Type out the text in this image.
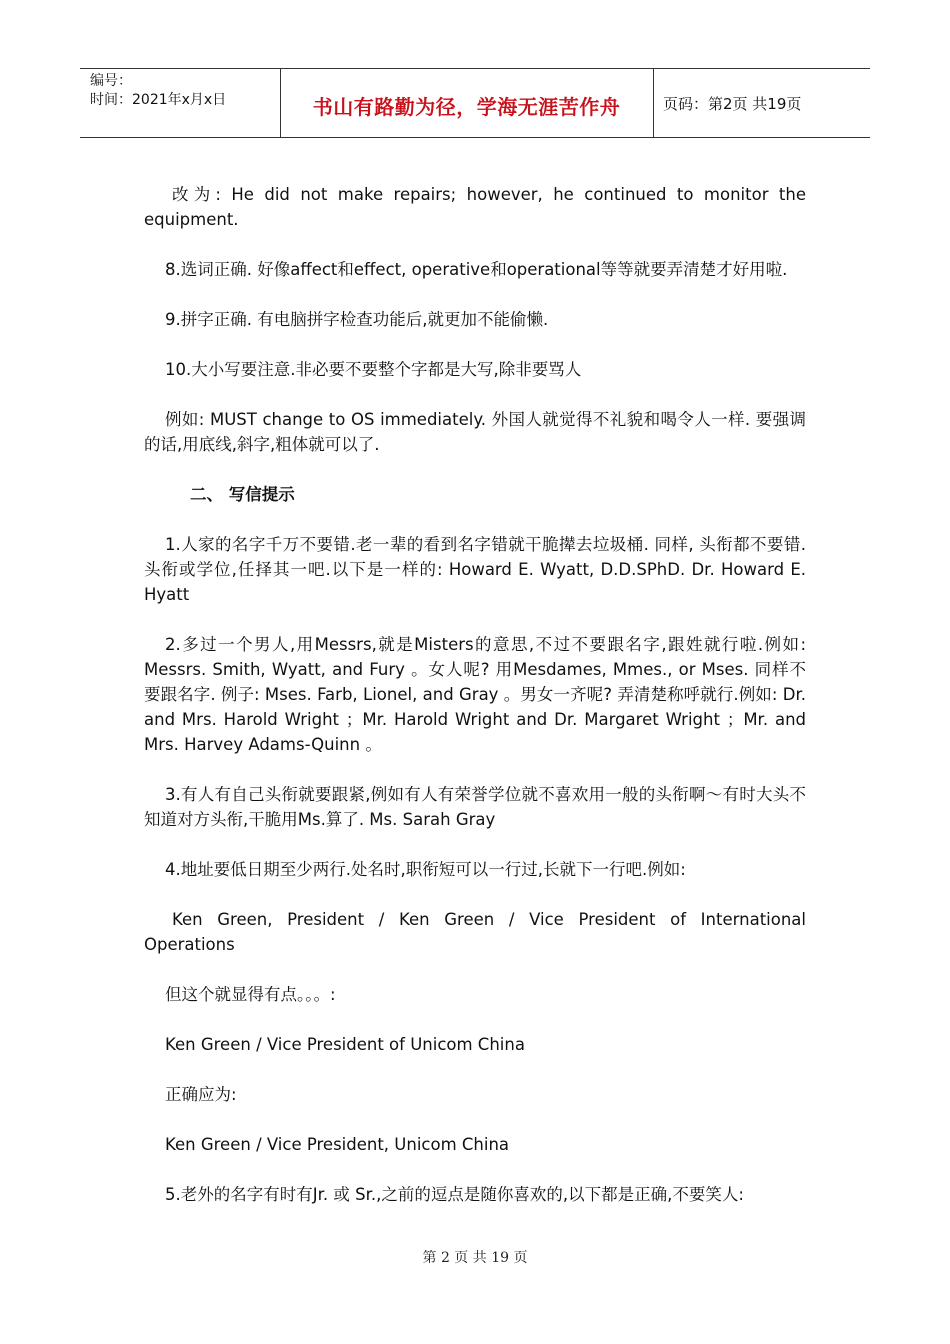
编号：
时间：2021年x月x日	书山有路勤为径，学海无涯苦作舟	页码：第2页 共19页

改为: He did not make repairs; however, he continued to monitor the equipment.

8.选词正确. 好像affect和effect, operative和operational等等就要弄清楚才好用啦.

9.拼字正确. 有电脑拼字检查功能后,就更加不能偷懒.

10.大小写要注意.非必要不要整个字都是大写,除非要骂人

例如: MUST change to OS immediately. 外国人就觉得不礼貌和喝令人一样. 要强调的话,用底线,斜字,粗体就可以了.

二、 写信提示

1.人家的名字千万不要错.老一辈的看到名字错就干脆撵去垃圾桶. 同样, 头衔都不要错. 头衔或学位,任择其一吧.以下是一样的: Howard E. Wyatt, D.D.SPhD. Dr. Howard E. Hyatt

2.多过一个男人,用Messrs,就是Misters的意思,不过不要跟名字,跟姓就行啦.例如: Messrs. Smith, Wyatt, and Fury 。女人呢? 用Mesdames, Mmes., or Mses. 同样不要跟名字. 例子: Mses. Farb, Lionel, and Gray 。男女一齐呢? 弄清楚称呼就行.例如: Dr. and Mrs. Harold Wright ；Mr. Harold Wright and Dr. Margaret Wright ；Mr. and Mrs. Harvey Adams-Quinn 。

3.有人有自己头衔就要跟紧,例如有人有荣誉学位就不喜欢用一般的头衔啊～有时大头不知道对方头衔,干脆用Ms.算了. Ms. Sarah Gray

4.地址要低日期至少两行.处名时,职衔短可以一行过,长就下一行吧.例如:

Ken Green, President / Ken Green / Vice President of International Operations

但这个就显得有点。。。:

Ken Green / Vice President of Unicom China

正确应为:

Ken Green / Vice President, Unicom China

5.老外的名字有时有Jr. 或 Sr.,之前的逗点是随你喜欢的,以下都是正确,不要笑人:

第 2 页 共 19 页
